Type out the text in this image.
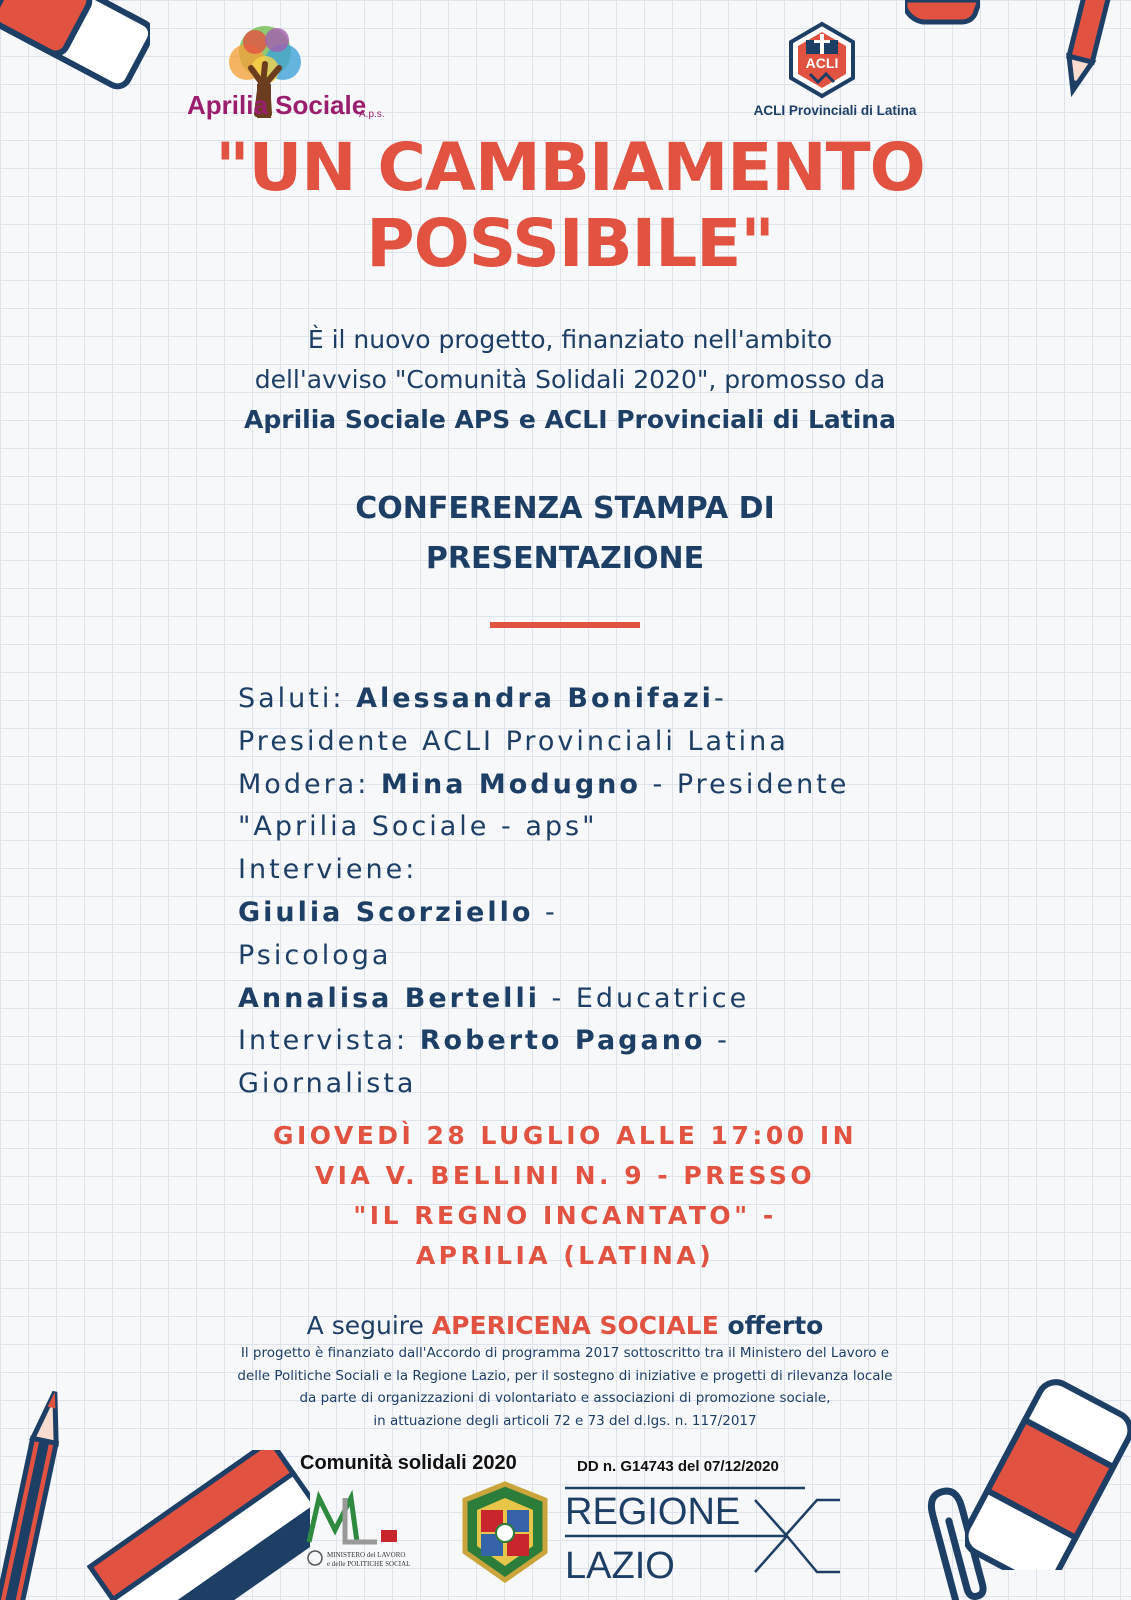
Aprilia Sociale
A.p.s.
ACLI
ACLI Provinciali di Latina
"UN CAMBIAMENTO
POSSIBILE"
È il nuovo progetto, finanziato nell'ambito
dell'avviso "Comunità Solidali 2020", promosso da
Aprilia Sociale APS e ACLI Provinciali di Latina
CONFERENZA STAMPA DI
PRESENTAZIONE
Saluti: Alessandra Bonifazi-
Presidente ACLI Provinciali Latina
Modera: Mina Modugno - Presidente
"Aprilia Sociale - aps"
Interviene:
Giulia Scorziello -
Psicologa
Annalisa Bertelli - Educatrice
Intervista: Roberto Pagano -
Giornalista
GIOVEDÌ 28 LUGLIO ALLE 17:00 IN
VIA V. BELLINI N. 9 - PRESSO
"IL REGNO INCANTATO" -
APRILIA (LATINA)
A seguire APERICENA SOCIALE offerto
Il progetto è finanziato dall'Accordo di programma 2017 sottoscritto tra il Ministero del Lavoro e
delle Politiche Sociali e la Regione Lazio, per il sostegno di iniziative e progetti di rilevanza locale
da parte di organizzazioni di volontariato e associazioni di promozione sociale,
in attuazione degli articoli 72 e 73 del d.lgs. n. 117/2017
Comunità solidali 2020	DD n. G14743 del 07/12/2020
MINISTERO del LAVORO
e delle POLITICHE SOCIALI
REGIONE
LAZIO
